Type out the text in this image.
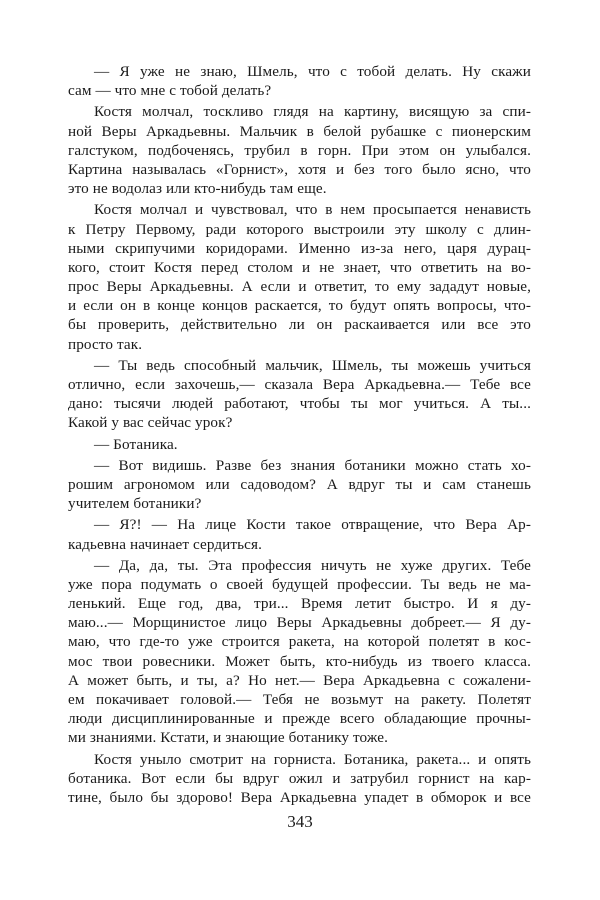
— Я уже не знаю, Шмель, что с тобой делать. Ну скажи
сам — что мне с тобой делать?
Костя молчал, тоскливо глядя на картину, висящую за спи-
ной Веры Аркадьевны. Мальчик в белой рубашке с пионерским
галстуком, подбоченясь, трубил в горн. При этом он улыбался.
Картина называлась «Горнист», хотя и без того было ясно, что
это не водолаз или кто-нибудь там еще.
Костя молчал и чувствовал, что в нем просыпается ненависть
к Петру Первому, ради которого выстроили эту школу с длин-
ными скрипучими коридорами. Именно из-за него, царя дурац-
кого, стоит Костя перед столом и не знает, что ответить на во-
прос Веры Аркадьевны. А если и ответит, то ему зададут новые,
и если он в конце концов раскается, то будут опять вопросы, что-
бы проверить, действительно ли он раскаивается или все это
просто так.
— Ты ведь способный мальчик, Шмель, ты можешь учиться
отлично, если захочешь,— сказала Вера Аркадьевна.— Тебе все
дано: тысячи людей работают, чтобы ты мог учиться. А ты...
Какой у вас сейчас урок?
— Ботаника.
— Вот видишь. Разве без знания ботаники можно стать хо-
рошим агрономом или садоводом? А вдруг ты и сам станешь
учителем ботаники?
— Я?! — На лице Кости такое отвращение, что Вера Ар-
кадьевна начинает сердиться.
— Да, да, ты. Эта профессия ничуть не хуже других. Тебе
уже пора подумать о своей будущей профессии. Ты ведь не ма-
ленький. Еще год, два, три... Время летит быстро. И я ду-
маю...— Морщинистое лицо Веры Аркадьевны добреет.— Я ду-
маю, что где-то уже строится ракета, на которой полетят в кос-
мос твои ровесники. Может быть, кто-нибудь из твоего класса.
А может быть, и ты, а? Но нет.— Вера Аркадьевна с сожалени-
ем покачивает головой.— Тебя не возьмут на ракету. Полетят
люди дисциплинированные и прежде всего обладающие прочны-
ми знаниями. Кстати, и знающие ботанику тоже.
Костя уныло смотрит на горниста. Ботаника, ракета... и опять
ботаника. Вот если бы вдруг ожил и затрубил горнист на кар-
тине, было бы здорово! Вера Аркадьевна упадет в обморок и все
343
